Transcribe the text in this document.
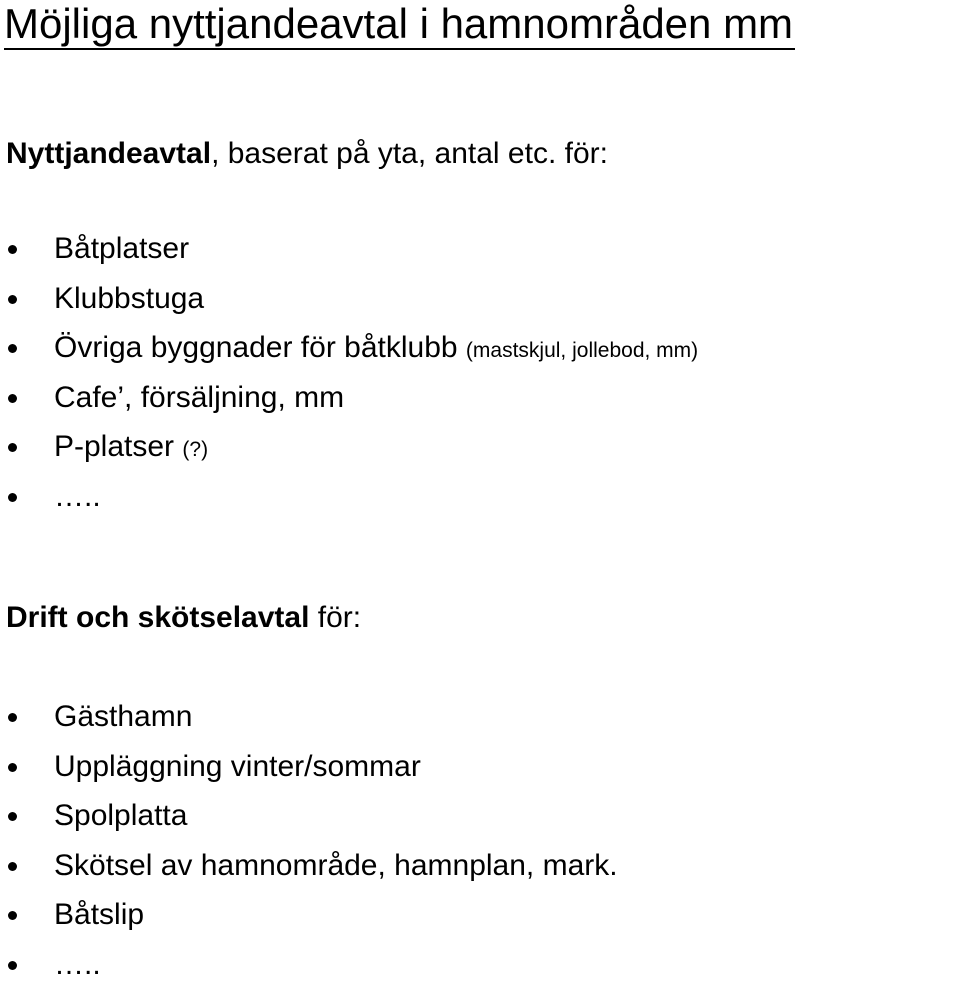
Möjliga nyttjandeavtal i hamnområden mm
Nyttjandeavtal, baserat på yta, antal etc. för:
Båtplatser
Klubbstuga
Övriga byggnader för båtklubb (mastskjul, jollebod, mm)
Cafe’, försäljning, mm
P-platser (?)
…..
Drift och skötselavtal för:
Gästhamn
Uppläggning vinter/sommar
Spolplatta
Skötsel av hamnområde, hamnplan, mark.
Båtslip
…..
